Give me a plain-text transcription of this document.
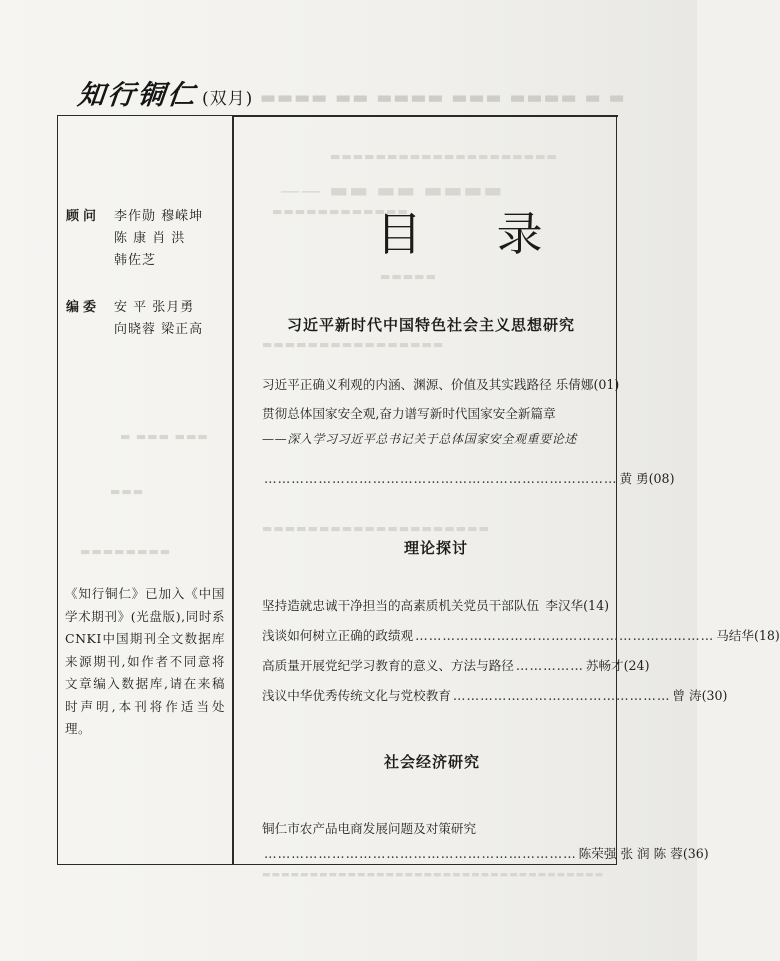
知行铜仁 (双月) ▬▬▬▬ ▬▬ ▬▬▬▬ ▬▬▬ ▬▬▬▬ ▬ ▬
▬▬▬▬▬▬▬▬▬▬▬▬▬▬▬▬▬▬▬▬
—— ▬▬ ▬▬ ▬▬▬▬
▬▬▬▬▬▬▬▬▬▬▬▬
▬▬▬▬▬
▬▬▬▬▬▬▬▬▬▬▬▬▬▬▬▬
▬▬▬▬▬▬▬▬▬▬▬▬▬▬▬▬▬▬▬▬
▬ ▬▬▬ ▬▬▬
▬▬▬
▬▬▬▬▬▬▬▬
顾问 李作勋 穆嵘坤
陈 康 肖 洪
韩佐芝
编委 安 平 张月勇
向晓蓉 梁正高
《知行铜仁》已加入《中国学术期刊》(光盘版),同时系CNKI中国期刊全文数据库来源期刊,如作者不同意将文章编入数据库,请在来稿时声明,本刊将作适当处理。
目 录
习近平新时代中国特色社会主义思想研究
习近平正确义利观的内涵、渊源、价值及其实践路径 乐倩娜(01)
贯彻总体国家安全观,奋力谱写新时代国家安全新篇章
——深入学习习近平总书记关于总体国家安全观重要论述
…………………………………………………………………… 黄 勇(08)
理论探讨
坚持造就忠诚干净担当的高素质机关党员干部队伍 李汉华(14)
浅谈如何树立正确的政绩观 ………………………………………………………… 马结华(18)
高质量开展党纪学习教育的意义、方法与路径 …………… 苏畅才(24)
浅议中华优秀传统文化与党校教育 ………………………………………… 曾 涛(30)
社会经济研究
铜仁市农产品电商发展问题及对策研究
…………………………………………………………… 陈荣强 张 润 陈 蓉(36)
▬▬▬▬▬▬▬▬▬▬▬▬▬▬▬▬▬▬▬▬▬▬▬▬▬▬▬▬▬▬▬▬▬▬▬▬
